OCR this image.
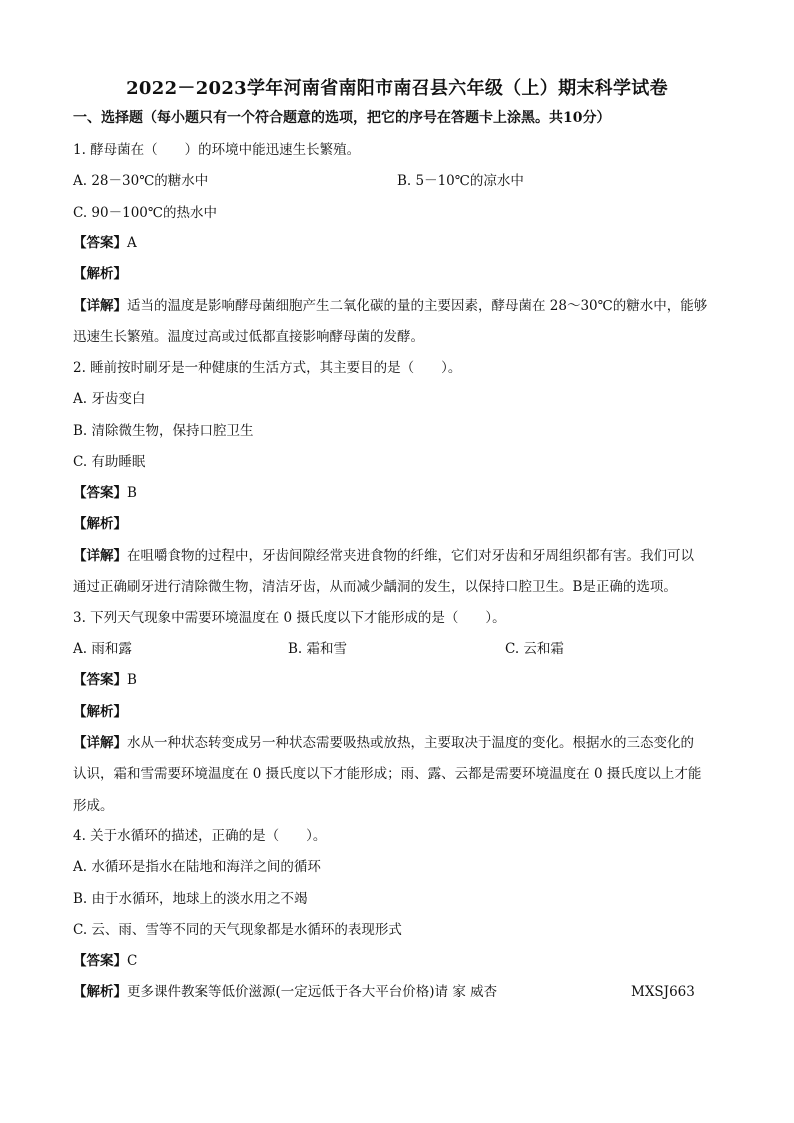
2022－2023学年河南省南阳市南召县六年级（上）期末科学试卷
一、选择题（每小题只有一个符合题意的选项，把它的序号在答题卡上涂黑。共10分）
1. 酵母菌在（　　）的环境中能迅速生长繁殖。
A. 28－30℃的糖水中	B. 5－10℃的凉水中
C. 90－100℃的热水中
【答案】A
【解析】
【详解】适当的温度是影响酵母菌细胞产生二氧化碳的量的主要因素，酵母菌在 28～30℃的糖水中，能够
迅速生长繁殖。温度过高或过低都直接影响酵母菌的发酵。
2. 睡前按时刷牙是一种健康的生活方式，其主要目的是（　　）。
A. 牙齿变白
B. 清除微生物，保持口腔卫生
C. 有助睡眠
【答案】B
【解析】
【详解】在咀嚼食物的过程中，牙齿间隙经常夹进食物的纤维，它们对牙齿和牙周组织都有害。我们可以
通过正确刷牙进行清除微生物，清洁牙齿，从而减少龋洞的发生，以保持口腔卫生。B是正确的选项。
3. 下列天气现象中需要环境温度在 0 摄氏度以下才能形成的是（　　）。
A. 雨和露	B. 霜和雪	C. 云和霜
【答案】B
【解析】
【详解】水从一种状态转变成另一种状态需要吸热或放热，主要取决于温度的变化。根据水的三态变化的
认识，霜和雪需要环境温度在 0 摄氏度以下才能形成；雨、露、云都是需要环境温度在 0 摄氏度以上才能
形成。
4. 关于水循环的描述，正确的是（　　）。
A. 水循环是指水在陆地和海洋之间的循环
B. 由于水循环，地球上的淡水用之不竭
C. 云、雨、雪等不同的天气现象都是水循环的表现形式
【答案】C
【解析】更多课件教案等低价滋源(一定远低于各大平台价格)请 家 威杏	MXSJ663
